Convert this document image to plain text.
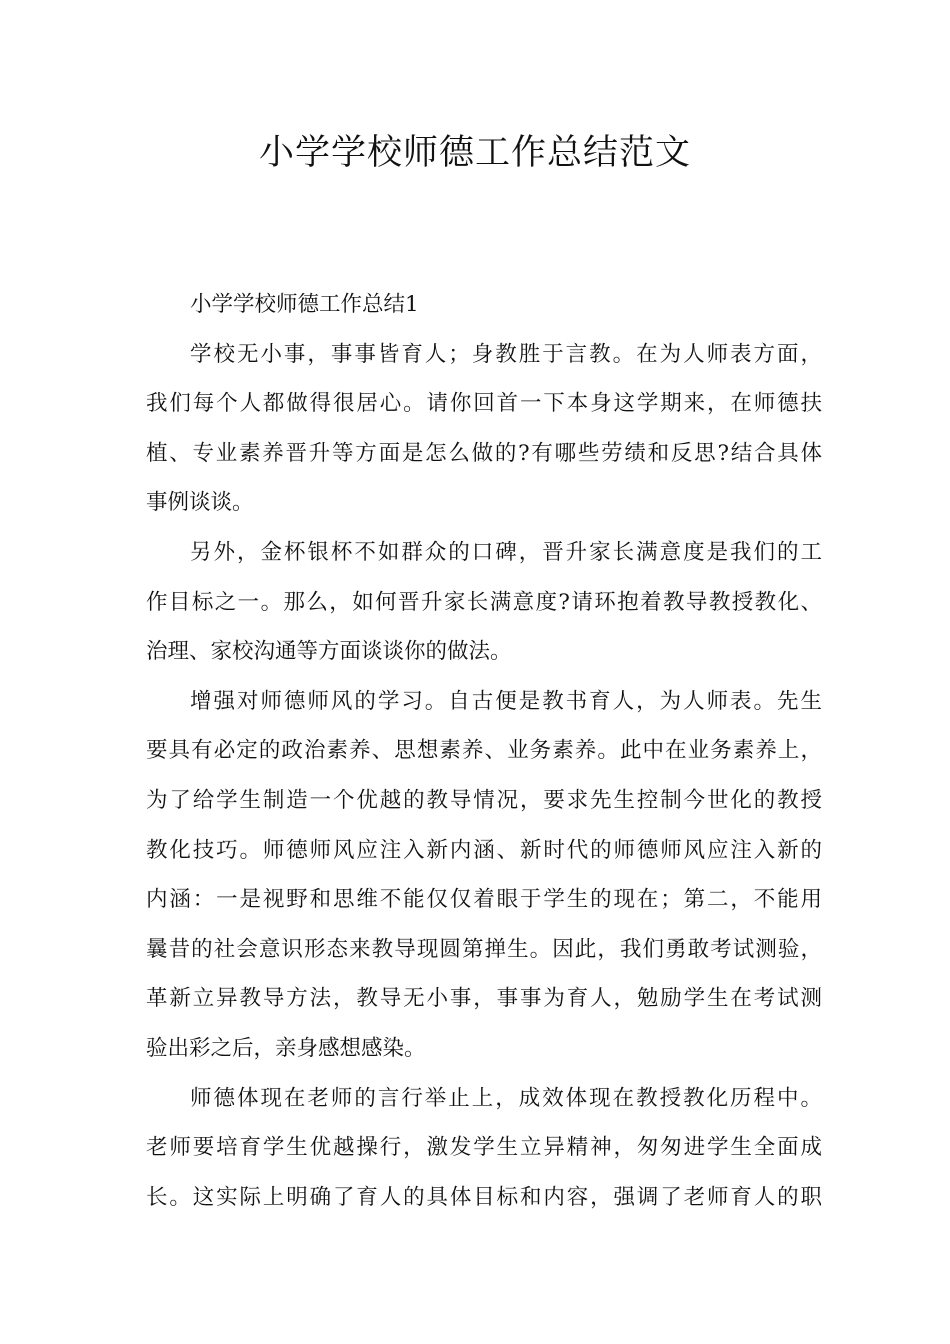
小学学校师德工作总结范文
小学学校师德工作总结1
学校无小事，事事皆育人；身教胜于言教。在为人师表方面，
我们每个人都做得很居心。请你回首一下本身这学期来，在师德扶
植、专业素养晋升等方面是怎么做的?有哪些劳绩和反思?结合具体
事例谈谈。
另外，金杯银杯不如群众的口碑，晋升家长满意度是我们的工
作目标之一。那么，如何晋升家长满意度?请环抱着教导教授教化、
治理、家校沟通等方面谈谈你的做法。
增强对师德师风的学习。自古便是教书育人，为人师表。先生
要具有必定的政治素养、思想素养、业务素养。此中在业务素养上，
为了给学生制造一个优越的教导情况，要求先生控制今世化的教授
教化技巧。师德师风应注入新内涵、新时代的师德师风应注入新的
内涵：一是视野和思维不能仅仅着眼于学生的现在；第二，不能用
曩昔的社会意识形态来教导现圆第掸生。因此，我们勇敢考试测验，
革新立异教导方法，教导无小事，事事为育人，勉励学生在考试测
验出彩之后，亲身感想感染。
师德体现在老师的言行举止上，成效体现在教授教化历程中。
老师要培育学生优越操行，激发学生立异精神，匆匆进学生全面成
长。这实际上明确了育人的具体目标和内容，强调了老师育人的职
